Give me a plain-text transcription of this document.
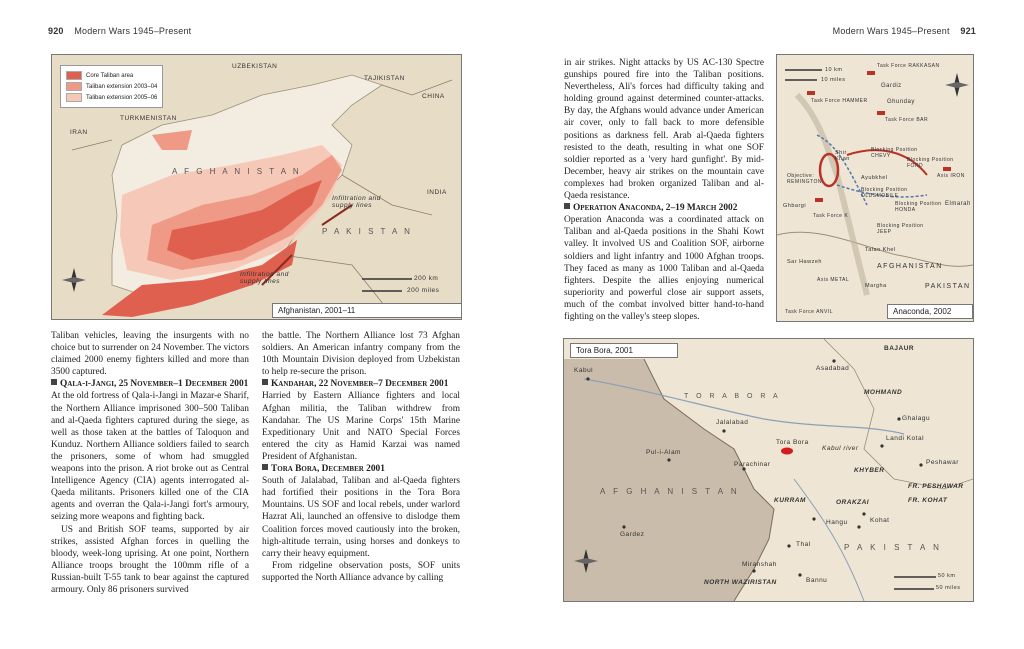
920 Modern Wars 1945–Present
Core Taliban area
Taliban extension 2003–04
Taliban extension 2005–06
UZBEKISTAN
TAJIKISTAN
CHINA
TURKMENISTAN
IRAN
A F G H A N I S T A N
P A K I S T A N
INDIA
Infiltration and supply lines
Infiltration and supply lines	200 km
200 miles
Afghanistan, 2001–11

Taliban vehicles, leaving the insurgents with no choice but to surrender on 24 November. The victors claimed 2000 enemy fighters killed and more than 3500 captured.

Qala-i-Jangi, 25 November–1 December 2001

At the old fortress of Qala-i-Jangi in Mazar-e Sharif, the Northern Alliance imprisoned 300–500 Taliban and al-Qaeda fighters captured during the siege, as well as those taken at the battles of Taloquon and Kunduz. Northern Alliance soldiers failed to search the prisoners, some of whom had smuggled weapons into the prison. A riot broke out as Central Intelligence Agency (CIA) agents interrogated al-Qaeda militants. Prisoners killed one of the CIA agents and overran the Qala-i-Jangi fort's armoury, seizing more weapons and fighting back.

US and British SOF teams, supported by air strikes, assisted Afghan forces in quelling the bloody, week-long uprising. At one point, Northern Alliance troops brought the 100mm rifle of a Russian-built T-55 tank to bear against the captured armoury. Only 86 prisoners survived

the battle. The Northern Alliance lost 73 Afghan soldiers. An American infantry company from the 10th Mountain Division deployed from Uzbekistan to help re-secure the prison.

Kandahar, 22 November–7 December 2001

Harried by Eastern Alliance fighters and local Afghan militia, the Taliban withdrew from Kandahar. The US Marine Corps' 15th Marine Expeditionary Unit and NATO Special Forces entered the city as Hamid Karzai was named President of Afghanistan.

Tora Bora, December 2001

South of Jalalabad, Taliban and al-Qaeda fighters had fortified their positions in the Tora Bora Mountains. US SOF and local rebels, under warlord Hazrat Ali, launched an offensive to dislodge them Coalition forces moved cautiously into the broken, high-altitude terrain, using horses and donkeys to carry their heavy equipment.

From ridgeline observation posts, SOF units supported the North Alliance advance by calling

Modern Wars 1945–Present 921

in air strikes. Night attacks by US AC-130 Spectre gunships poured fire into the Taliban positions. Nevertheless, Ali's forces had difficulty taking and holding ground against determined counter-attacks. By day, the Afghans would advance under American air cover, only to fall back to more defensible positions as darkness fell. Arab al-Qaeda fighters resisted to the death, resulting in what one SOF soldier reported as a 'very hard gunfight'. By mid-December, heavy air strikes on the mountain cave complexes had broken organized Taliban and al-Qaeda resistance.

Operation Anaconda, 2–19 March 2002

Operation Anaconda was a coordinated attack on Taliban and al-Qaeda positions in the Shahi Kowt valley. It involved US and Coalition SOF, airborne soldiers and light infantry and 1000 Afghan troops. They faced as many as 1000 Taliban and al-Qaeda fighters. Despite the allies enjoying numerical superiority and powerful close air support assets, much of the combat involved bitter hand-to-hand fighting on the valley's steep slopes.

10 km
10 miles
Task Force RAKKASAN
Gardiz
Ghunday
Task Force HAMMER
Task Force BAR
Shir Khan
Blocking Position CHEVY
Blocking Position FORD
Objective: REMINGTON
Ayubkhel	Axis IRON
Blocking Position OLDSMOBILE
Ghbargi	Elmarah
Blocking Position HONDA
Task Force K
Blocking Position JEEP
Talao Khel
Sar Hawzeh
AFGHANISTAN
Axis METAL
Margha	PAKISTAN
Task Force ANVIL	Anaconda, 2002
Tora Bora, 2001
Asadabad
BAJAUR
MOHMAND
Kabul
Jalalabad
Ghalagu
T O R A B O R A
Kabul river
Landi Kotal
Pul-i-Alam
Tora Bora
Parachinar
KHYBER
Peshawar
FR. PESHAWAR
FR. KOHAT
A F G H A N I S T A N
KURRAM	ORAKZAI
Hangu	Kohat
Gardez
Thal	P A K I S T A N
Miranshah
NORTH WAZIRISTAN	Bannu
50 km
50 miles
